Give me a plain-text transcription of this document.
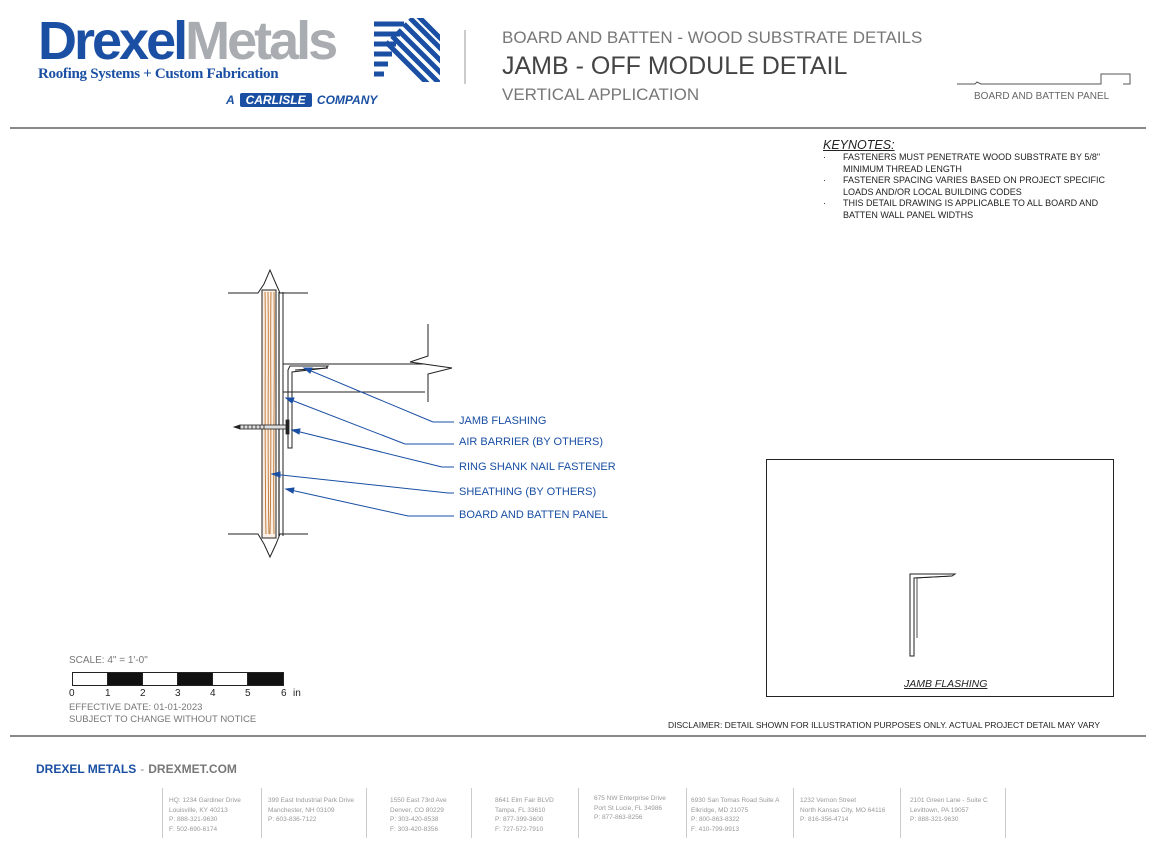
DrexelMetals
Roofing Systems + Custom Fabrication
A CARLISLE COMPANY
BOARD AND BATTEN - WOOD SUBSTRATE DETAILS
JAMB - OFF MODULE DETAIL
VERTICAL APPLICATION	BOARD AND BATTEN PANEL
KEYNOTES:
· FASTENERS MUST PENETRATE WOOD SUBSTRATE BY 5/8" MINIMUM THREAD LENGTH
· FASTENER SPACING VARIES BASED ON PROJECT SPECIFIC LOADS AND/OR LOCAL BUILDING CODES
· THIS DETAIL DRAWING IS APPLICABLE TO ALL BOARD AND BATTEN WALL PANEL WIDTHS
JAMB FLASHING
AIR BARRIER (BY OTHERS)
RING SHANK NAIL FASTENER
SHEATHING (BY OTHERS)
BOARD AND BATTEN PANEL
JAMB FLASHING
SCALE: 4" = 1'-0"
0	1	2	3	4	5	6 in
EFFECTIVE DATE: 01-01-2023
SUBJECT TO CHANGE WITHOUT NOTICE	DISCLAIMER: DETAIL SHOWN FOR ILLUSTRATION PURPOSES ONLY. ACTUAL PROJECT DETAIL MAY VARY
DREXEL METALS - DREXMET.COM
HQ: 1234 Gardiner Drive
Louisville, KY 40213
P: 888-321-9630
F: 502-690-6174
399 East Industrial Park Drive
Manchester, NH 03109
P: 603-836-7122
1550 East 73rd Ave
Denver, CO 80229
P: 303-420-8538
F: 303-420-8356
8641 Elm Fair BLVD
Tampa, FL 33610
P: 877-399-3600
F: 727-572-7910
675 NW Enterprise Drive
Port St Lucie, FL 34986
P: 877-863-8256
6930 San Tomas Road Suite A
Elkridge, MD 21075
P: 800-863-8322
F: 410-799-9913
1232 Vernon Street
North Kansas City, MO 64116
P: 816-356-4714
2101 Green Lane - Suite C
Levittown, PA 19057
P: 888-321-9630
